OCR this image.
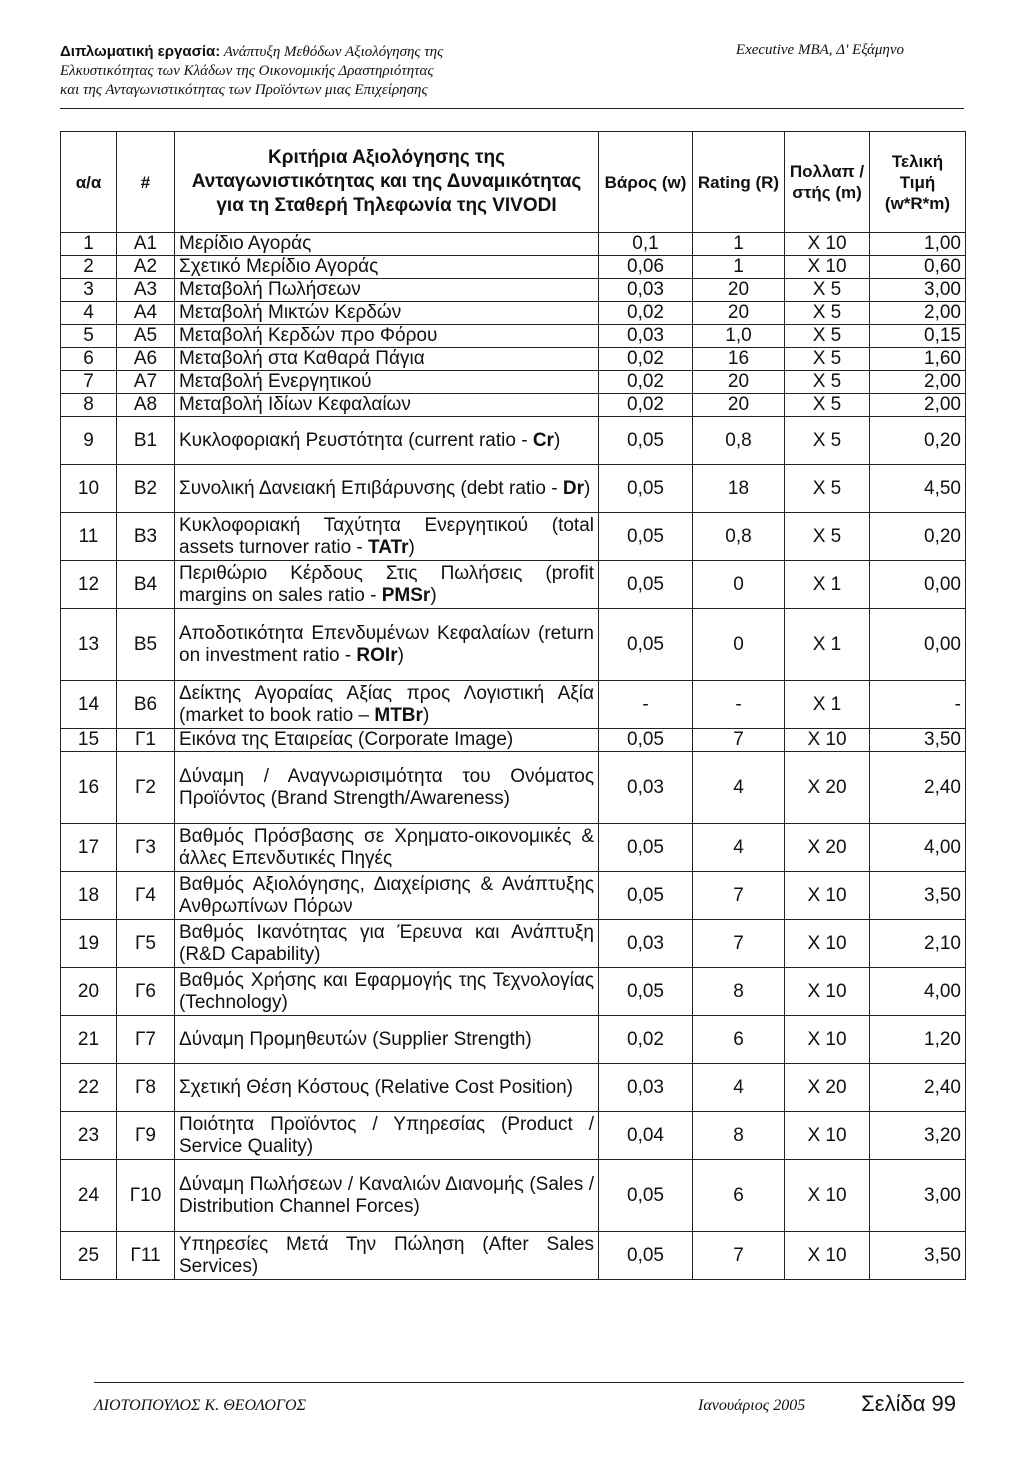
Διπλωματική εργασία: Ανάπτυξη Μεθόδων Αξιολόγησης της
Ελκυστικότητας των Κλάδων της Οικονομικής Δραστηριότητας
και της Ανταγωνιστικότητας των Προϊόντων μιας Επιχείρησης
Executive MBA, Δ' Εξάμηνο
α/α	#	Κριτήρια Αξιολόγησης της Ανταγωνιστικότητας και της Δυναμικότητας για τη Σταθερή Τηλεφωνία της VIVODI	Βάρος (w)	Rating (R)	Πολλαπ /στής (m)	Τελική Τιμή (w*R*m)
1	A1	Μερίδιο Αγοράς	0,1	1	X 10	1,00
2	A2	Σχετικό Μερίδιο Αγοράς	0,06	1	X 10	0,60
3	A3	Μεταβολή Πωλήσεων	0,03	20	X 5	3,00
4	A4	Μεταβολή Μικτών Κερδών	0,02	20	X 5	2,00
5	A5	Μεταβολή Κερδών προ Φόρου	0,03	1,0	X 5	0,15
6	A6	Μεταβολή στα Καθαρά Πάγια	0,02	16	X 5	1,60
7	A7	Μεταβολή Ενεργητικού	0,02	20	X 5	2,00
8	A8	Μεταβολή Ιδίων Κεφαλαίων	0,02	20	X 5	2,00
9	B1	Κυκλοφοριακή Ρευστότητα (current ratio - Cr)	0,05	0,8	X 5	0,20
10	B2	Συνολική Δανειακή Επιβάρυνσης (debt ratio - Dr)	0,05	18	X 5	4,50
11	B3	Κυκλοφοριακή Ταχύτητα Ενεργητικού (total assets turnover ratio - TATr)	0,05	0,8	X 5	0,20
12	B4	Περιθώριο Κέρδους Στις Πωλήσεις (profit margins on sales ratio - PMSr)	0,05	0	X 1	0,00
13	B5	Αποδοτικότητα Επενδυμένων Κεφαλαίων (return on investment ratio - ROIr)	0,05	0	X 1	0,00
14	B6	Δείκτης Αγοραίας Αξίας προς Λογιστική Αξία (market to book ratio – MTBr)	-	-	X 1	-
15	Γ1	Εικόνα της Εταιρείας (Corporate Image)	0,05	7	X 10	3,50
16	Γ2	Δύναμη / Αναγνωρισιμότητα του Ονόματος Προϊόντος (Brand Strength/Awareness)	0,03	4	X 20	2,40
17	Γ3	Βαθμός Πρόσβασης σε Χρηματο-οικονομικές & άλλες Επενδυτικές Πηγές	0,05	4	X 20	4,00
18	Γ4	Βαθμός Αξιολόγησης, Διαχείρισης & Ανάπτυξης Ανθρωπίνων Πόρων	0,05	7	X 10	3,50
19	Γ5	Βαθμός Ικανότητας για Έρευνα και Ανάπτυξη (R&D Capability)	0,03	7	X 10	2,10
20	Γ6	Βαθμός Χρήσης και Εφαρμογής της Τεχνολογίας (Technology)	0,05	8	X 10	4,00
21	Γ7	Δύναμη Προμηθευτών (Supplier Strength)	0,02	6	X 10	1,20
22	Γ8	Σχετική Θέση Κόστους (Relative Cost Position)	0,03	4	X 20	2,40
23	Γ9	Ποιότητα Προϊόντος / Υπηρεσίας (Product / Service Quality)	0,04	8	X 10	3,20
24	Γ10	Δύναμη Πωλήσεων / Καναλιών Διανομής (Sales / Distribution Channel Forces)	0,05	6	X 10	3,00
25	Γ11	Υπηρεσίες Μετά Την Πώληση (After Sales Services)	0,05	7	X 10	3,50
ΛΙΟΤΟΠΟΥΛΟΣ Κ. ΘΕΟΛΟΓΟΣ	Ιανουάριος 2005	Σελίδα 99
